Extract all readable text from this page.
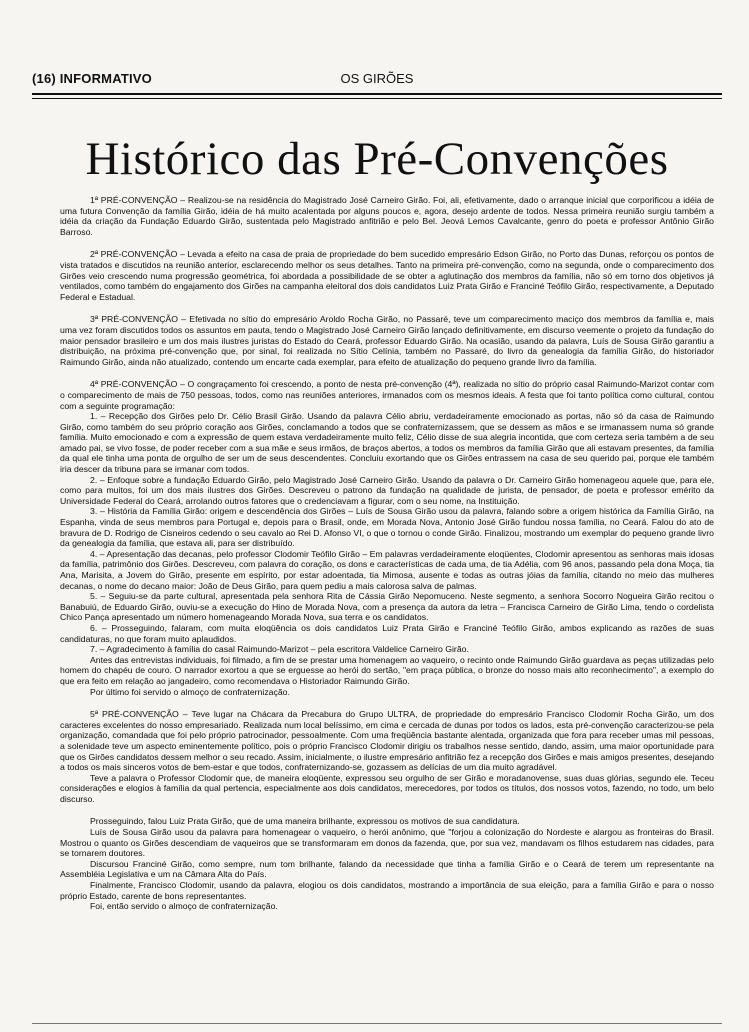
(16) INFORMATIVO	OS GIRÕES
Histórico das Pré-Convenções

1ª PRÉ-CONVENÇÃO – Realizou-se na residência do Magistrado José Carneiro Girão. Foi, ali, efetivamente, dado o arranque inicial que corporificou a idéia de uma futura Convenção da família Girão, idéia de há muito acalentada por alguns poucos e, agora, desejo ardente de todos. Nessa primeira reunião surgiu também a idéia da criação da Fundação Eduardo Girão, sustentada pelo Magistrado anfitrião e pelo Bel. Jeová Lemos Cavalcante, genro do poeta e professor Antônio Girão Barroso.

2ª PRÉ-CONVENÇÃO – Levada a efeito na casa de praia de propriedade do bem sucedido empresário Edson Girão, no Porto das Dunas, reforçou os pontos de vista tratados e discutidos na reunião anterior, esclarecendo melhor os seus detalhes. Tanto na primeira pré-convenção, como na segunda, onde o comparecimento dos Girões veio crescendo numa progressão geométrica, foi abordada a possibilidade de se obter a aglutinação dos membros da família, não só em torno dos objetivos já ventilados, como também do engajamento dos Girões na campanha eleitoral dos dois candidatos Luiz Prata Girão e Franciné Teófilo Girão, respectivamente, a Deputado Federal e Estadual.

3ª PRÉ-CONVENÇÃO – Efetivada no sítio do empresário Aroldo Rocha Girão, no Passaré, teve um comparecimento maciço dos membros da família e, mais uma vez foram discutidos todos os assuntos em pauta, tendo o Magistrado José Carneiro Girão lançado definitivamente, em discurso veemente o projeto da fundação do maior pensador brasileiro e um dos mais ilustres juristas do Estado do Ceará, professor Eduardo Girão. Na ocasião, usando da palavra, Luís de Sousa Girão garantiu a distribuição, na próxima pré-convenção que, por sinal, foi realizada no Sítio Celínia, também no Passaré, do livro da genealogia da família Girão, do historiador Raimundo Girão, ainda não atualizado, contendo um encarte cada exemplar, para efeito de atualização do pequeno grande livro da família.

4ª PRÉ-CONVENÇÃO – O congraçamento foi crescendo, a ponto de nesta pré-convenção (4ª), realizada no sítio do próprio casal Raimundo-Marizot contar com o comparecimento de mais de 750 pessoas, todos, como nas reuniões anteriores, irmanados com os mesmos ideais. A festa que foi tanto política como cultural, contou com a seguinte programação:

1. – Recepção dos Girões pelo Dr. Célio Brasil Girão. Usando da palavra Célio abriu, verdadeiramente emocionado as portas, não só da casa de Raimundo Girão, como também do seu próprio coração aos Girões, conclamando a todos que se confraternizassem, que se dessem as mãos e se irmanassem numa só grande família. Muito emocionado e com a expressão de quem estava verdadeiramente muito feliz, Célio disse de sua alegria incontida, que com certeza seria também a de seu amado pai, se vivo fosse, de poder receber com a sua mãe e seus irmãos, de braços abertos, a todos os membros da família Girão que ali estavam presentes, da família da qual ele tinha uma ponta de orgulho de ser um de seus descendentes. Concluiu exortando que os Girões entrassem na casa de seu querido pai, porque ele também iria descer da tribuna para se irmanar com todos.

2. – Enfoque sobre a fundação Eduardo Girão, pelo Magistrado José Carneiro Girão. Usando da palavra o Dr. Carneiro Girão homenageou aquele que, para ele, como para muitos, foi um dos mais ilustres dos Girões. Descreveu o patrono da fundação na qualidade de jurista, de pensador, de poeta e professor emérito da Universidade Federal do Ceará, arrolando outros fatores que o credenciavam a figurar, com o seu nome, na Instituição.

3. – História da Família Girão: origem e descendência dos Girões – Luís de Sousa Girão usou da palavra, falando sobre a origem histórica da Família Girão, na Espanha, vinda de seus membros para Portugal e, depois para o Brasil, onde, em Morada Nova, Antonio José Girão fundou nossa família, no Ceará. Falou do ato de bravura de D. Rodrigo de Cisneiros cedendo o seu cavalo ao Rei D. Afonso VI, o que o tornou o conde Girão. Finalizou, mostrando um exemplar do pequeno grande livro da genealogia da família, que estava ali, para ser distribuído.

4. – Apresentação das decanas, pelo professor Clodomir Teófilo Girão – Em palavras verdadeiramente eloqüentes, Clodomir apresentou as senhoras mais idosas da família, patrimônio dos Girões. Descreveu, com palavra do coração, os dons e características de cada uma, de tia Adélia, com 96 anos, passando pela dona Moça, tia Ana, Marisita, a Jovem do Girão, presente em espírito, por estar adoentada, tia Mimosa, ausente e todas as outras jóias da família, citando no meio das mulheres decanas, o nome do decano maior: João de Deus Girão, para quem pediu a mais calorosa salva de palmas.

5. – Seguiu-se da parte cultural, apresentada pela senhora Rita de Cássia Girão Nepomuceno. Neste segmento, a senhora Socorro Nogueira Girão recitou o Banabuiú, de Eduardo Girão, ouviu-se a execução do Hino de Morada Nova, com a presença da autora da letra – Francisca Carneiro de Girão Lima, tendo o cordelista Chico Pança apresentado um número homenageando Morada Nova, sua terra e os candidatos.

6. – Prosseguindo, falaram, com muita eloqüência os dois candidatos Luiz Prata Girão e Franciné Teófilo Girão, ambos explicando as razões de suas candidaturas, no que foram muito aplaudidos.

7. – Agradecimento à família do casal Raimundo-Marizot – pela escritora Valdelice Carneiro Girão.

Antes das entrevistas individuais, foi filmado, a fim de se prestar uma homenagem ao vaqueiro, o recinto onde Raimundo Girão guardava as peças utilizadas pelo homem do chapéu de couro. O narrador exortou a que se erguesse ao herói do sertão, "em praça pública, o bronze do nosso mais alto reconhecimento", a exemplo do que era feito em relação ao jangadeiro, como recomendava o Historiador Raimundo Girão.

Por último foi servido o almoço de confraternização.

5ª PRÉ-CONVENÇÃO – Teve lugar na Chácara da Precabura do Grupo ULTRA, de propriedade do empresário Francisco Clodomir Rocha Girão, um dos caracteres excelentes do nosso empresariado. Realizada num local belíssimo, em cima e cercada de dunas por todos os lados, esta pré-convenção caracterizou-se pela organização, comandada que foi pelo próprio patrocinador, pessoalmente. Com uma freqüência bastante alentada, organizada que fora para receber umas mil pessoas, a solenidade teve um aspecto eminentemente político, pois o próprio Francisco Clodomir dirigiu os trabalhos nesse sentido, dando, assim, uma maior oportunidade para que os Girões candidatos dessem melhor o seu recado. Assim, inicialmente, o ilustre empresário anfitrião fez a recepção dos Girões e mais amigos presentes, desejando a todos os mais sinceros votos de bem-estar e que todos, confraternizando-se, gozassem as delícias de um dia muito agradável.

Teve a palavra o Professor Clodomir que, de maneira eloqüente, expressou seu orgulho de ser Girão e moradanovense, suas duas glórias, segundo ele. Teceu considerações e elogios à família da qual pertencia, especialmente aos dois candidatos, merecedores, por todos os títulos, dos nossos votos, fazendo, no todo, um belo discurso.

Prosseguindo, falou Luiz Prata Girão, que de uma maneira brilhante, expressou os motivos de sua candidatura.

Luís de Sousa Girão usou da palavra para homenagear o vaqueiro, o herói anônimo, que "forjou a colonização do Nordeste e alargou as fronteiras do Brasil. Mostrou o quanto os Girões descendiam de vaqueiros que se transformaram em donos da fazenda, que, por sua vez, mandavam os filhos estudarem nas cidades, para se tornarem doutores.

Discursou Franciné Girão, como sempre, num tom brilhante, falando da necessidade que tinha a família Girão e o Ceará de terem um representante na Assembléia Legislativa e um na Câmara Alta do País.

Finalmente, Francisco Clodomir, usando da palavra, elogiou os dois candidatos, mostrando a importância de sua eleição, para a família Girão e para o nosso próprio Estado, carente de bons representantes.

Foi, então servido o almoço de confraternização.
